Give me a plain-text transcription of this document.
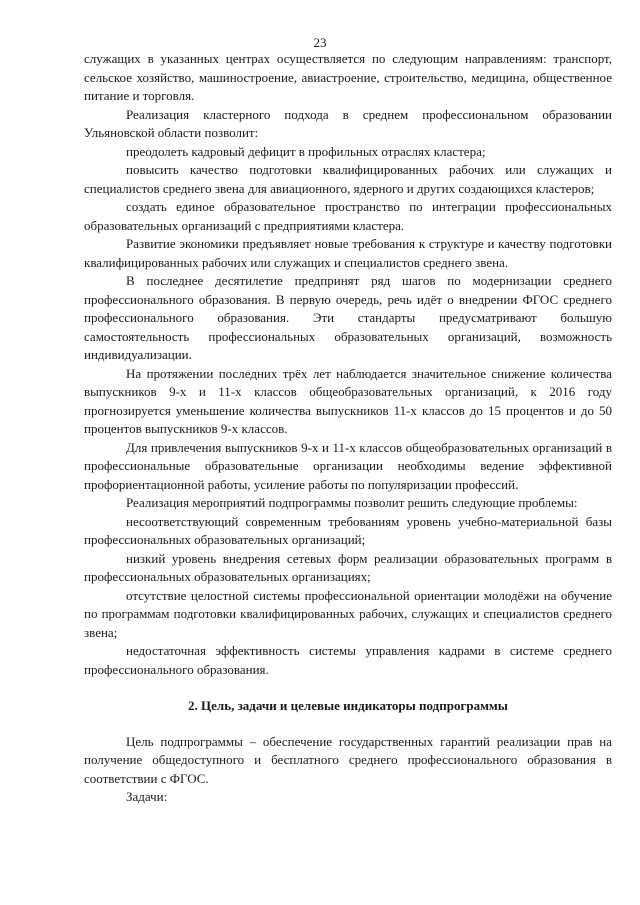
23

служащих в указанных центрах осуществляется по следующим направлениям: транспорт, сельское хозяйство, машиностроение, авиастроение, строительство, медицина, общественное питание и торговля.

Реализация кластерного подхода в среднем профессиональном образовании Ульяновской области позволит:

преодолеть кадровый дефицит в профильных отраслях кластера;

повысить качество подготовки квалифицированных рабочих или служащих и специалистов среднего звена для авиационного, ядерного и других создающихся кластеров;

создать единое образовательное пространство по интеграции профессиональных образовательных организаций с предприятиями кластера.

Развитие экономики предъявляет новые требования к структуре и качеству подготовки квалифицированных рабочих или служащих и специалистов среднего звена.

В последнее десятилетие предпринят ряд шагов по модернизации среднего профессионального образования. В первую очередь, речь идёт о внедрении ФГОС среднего профессионального образования. Эти стандарты предусматривают большую самостоятельность профессиональных образовательных организаций, возможность индивидуализации.

На протяжении последних трёх лет наблюдается значительное снижение количества выпускников 9-х и 11-х классов общеобразовательных организаций, к 2016 году прогнозируется уменьшение количества выпускников 11-х классов до 15 процентов и до 50 процентов выпускников 9-х классов.

Для привлечения выпускников 9-х и 11-х классов общеобразовательных организаций в профессиональные образовательные организации необходимы ведение эффективной профориентационной работы, усиление работы по популяризации профессий.

Реализация мероприятий подпрограммы позволит решить следующие проблемы:

несоответствующий современным требованиям уровень учебно-материальной базы профессиональных образовательных организаций;

низкий уровень внедрения сетевых форм реализации образовательных программ в профессиональных образовательных организациях;

отсутствие целостной системы профессиональной ориентации молодёжи на обучение по программам подготовки квалифицированных рабочих, служащих и специалистов среднего звена;

недостаточная эффективность системы управления кадрами в системе среднего профессионального образования.

2. Цель, задачи и целевые индикаторы подпрограммы

Цель подпрограммы – обеспечение государственных гарантий реализации прав на получение общедоступного и бесплатного среднего профессионального образования в соответствии с ФГОС.

Задачи:
